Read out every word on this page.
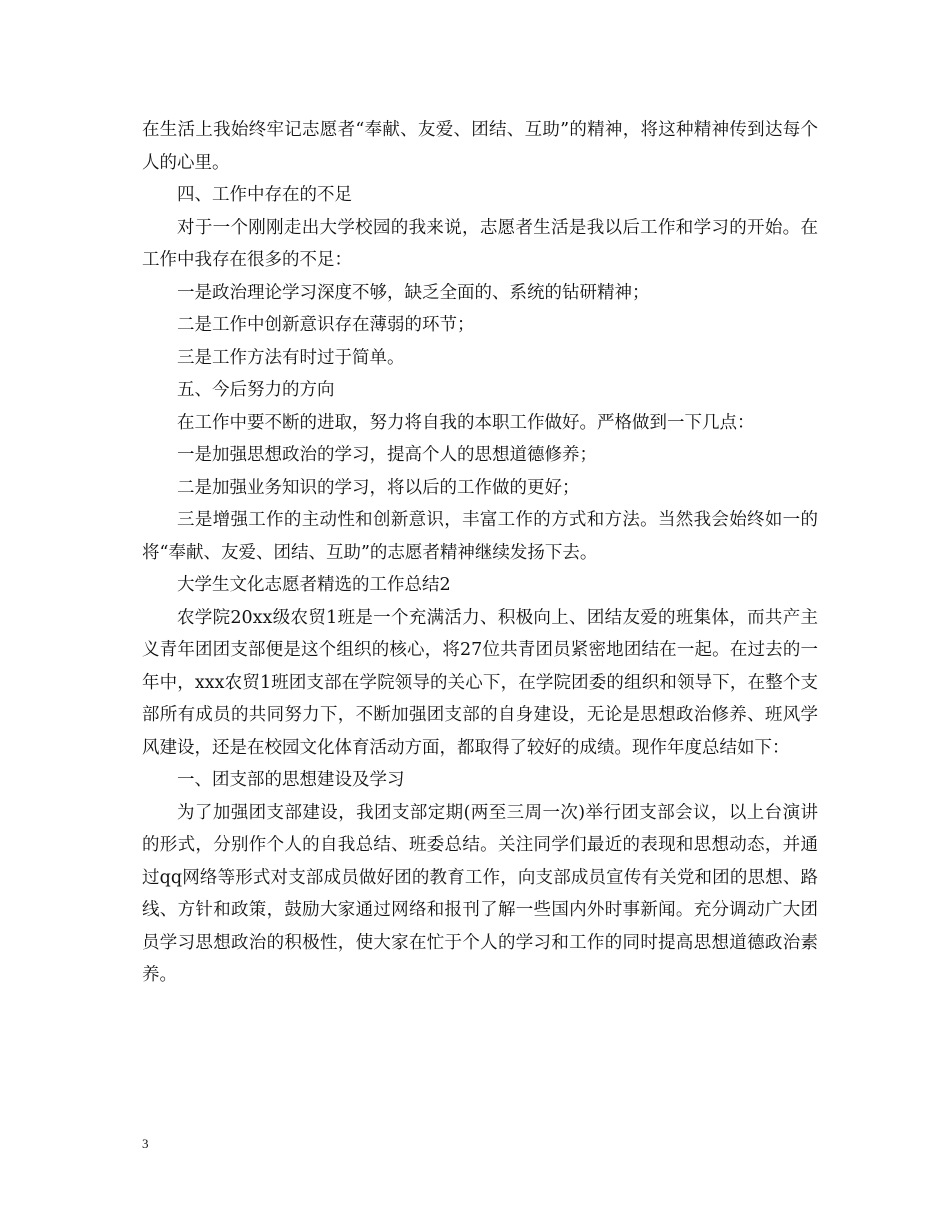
在生活上我始终牢记志愿者“奉献、友爱、团结、互助”的精神，将这种精神传到达每个人的心里。

四、工作中存在的不足

对于一个刚刚走出大学校园的我来说，志愿者生活是我以后工作和学习的开始。在工作中我存在很多的不足：

一是政治理论学习深度不够，缺乏全面的、系统的钻研精神；

二是工作中创新意识存在薄弱的环节；

三是工作方法有时过于简单。

五、今后努力的方向

在工作中要不断的进取，努力将自我的本职工作做好。严格做到一下几点：

一是加强思想政治的学习，提高个人的思想道德修养；

二是加强业务知识的学习，将以后的工作做的更好；

三是增强工作的主动性和创新意识，丰富工作的方式和方法。当然我会始终如一的将“奉献、友爱、团结、互助”的志愿者精神继续发扬下去。

大学生文化志愿者精选的工作总结2

农学院20xx级农贸1班是一个充满活力、积极向上、团结友爱的班集体，而共产主义青年团团支部便是这个组织的核心，将27位共青团员紧密地团结在一起。在过去的一年中，xxx农贸1班团支部在学院领导的关心下，在学院团委的组织和领导下，在整个支部所有成员的共同努力下，不断加强团支部的自身建设，无论是思想政治修养、班风学风建设，还是在校园文化体育活动方面，都取得了较好的成绩。现作年度总结如下：

一、团支部的思想建设及学习

为了加强团支部建设，我团支部定期(两至三周一次)举行团支部会议，以上台演讲的形式，分别作个人的自我总结、班委总结。关注同学们最近的表现和思想动态，并通过qq网络等形式对支部成员做好团的教育工作，向支部成员宣传有关党和团的思想、路线、方针和政策，鼓励大家通过网络和报刊了解一些国内外时事新闻。充分调动广大团员学习思想政治的积极性，使大家在忙于个人的学习和工作的同时提高思想道德政治素养。

3
